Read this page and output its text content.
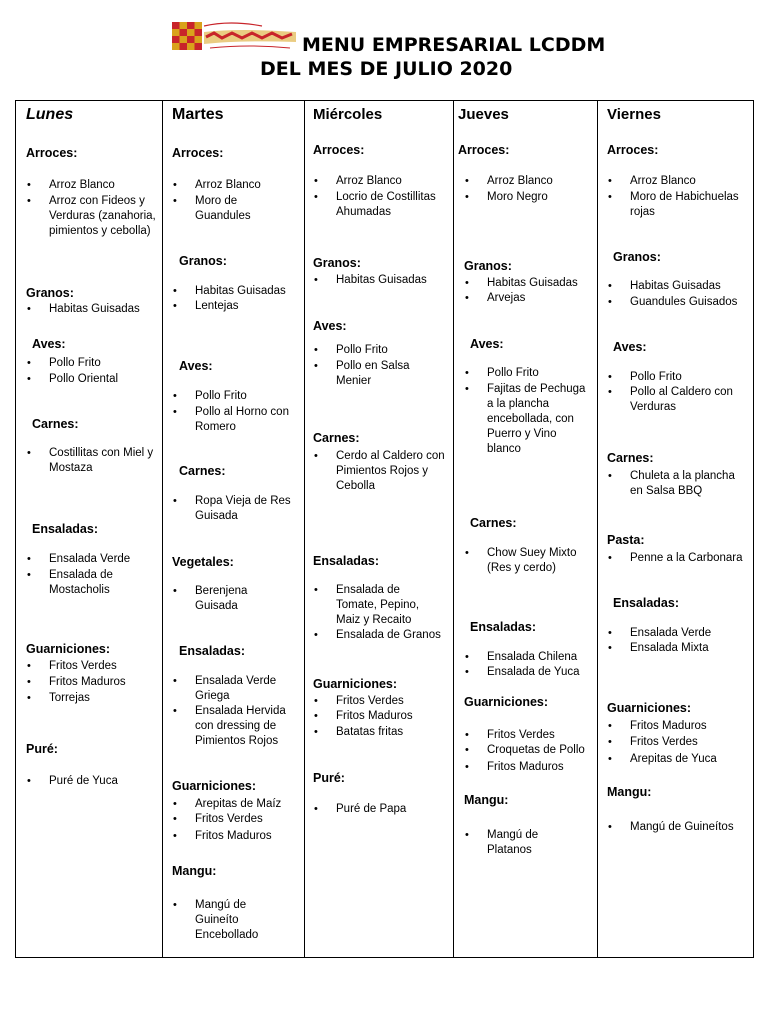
MENU EMPRESARIAL LCDDM
DEL MES DE JULIO 2020
Lunes
Arroces:
• Arroz Blanco
• Arroz con Fideos y Verduras (zanahoria, pimientos y cebolla)
Granos:
• Habitas Guisadas
Aves:
• Pollo Frito
• Pollo Oriental
Carnes:
• Costillitas con Miel y Mostaza
Ensaladas:
• Ensalada Verde
• Ensalada de Mostacholis
Guarniciones:
• Fritos Verdes
• Fritos Maduros
• Torrejas
Puré:
• Puré de Yuca
Martes
Arroces:
• Arroz Blanco
• Moro de Guandules
Granos:
• Habitas Guisadas
• Lentejas
Aves:
• Pollo Frito
• Pollo al Horno con Romero
Carnes:
• Ropa Vieja de Res Guisada
Vegetales:
• Berenjena Guisada
Ensaladas:
• Ensalada Verde Griega
• Ensalada Hervida con dressing de Pimientos Rojos
Guarniciones:
• Arepitas de Maíz
• Fritos Verdes
• Fritos Maduros
Mangu:
• Mangú de Guineíto Encebollado
Miércoles
Arroces:
• Arroz Blanco
• Locrio de Costillitas Ahumadas
Granos:
• Habitas Guisadas
Aves:
• Pollo Frito
• Pollo en Salsa Menier
Carnes:
• Cerdo al Caldero con Pimientos Rojos y Cebolla
Ensaladas:
• Ensalada de Tomate, Pepino, Maiz y Recaito
• Ensalada de Granos
Guarniciones:
• Fritos Verdes
• Fritos Maduros
• Batatas fritas
Puré:
• Puré de Papa
Jueves
Arroces:
• Arroz Blanco
• Moro Negro
Granos:
• Habitas Guisadas
• Arvejas
Aves:
• Pollo Frito
• Fajitas de Pechuga a la plancha encebollada, con Puerro y Vino blanco
Carnes:
• Chow Suey Mixto (Res y cerdo)
Ensaladas:
• Ensalada Chilena
• Ensalada de Yuca
Guarniciones:
• Fritos Verdes
• Croquetas de Pollo
• Fritos Maduros
Mangu:
• Mangú de Platanos
Viernes
Arroces:
• Arroz Blanco
• Moro de Habichuelas rojas
Granos:
• Habitas Guisadas
• Guandules Guisados
Aves:
• Pollo Frito
• Pollo al Caldero con Verduras
Carnes:
• Chuleta a la plancha en Salsa BBQ
Pasta:
• Penne a la Carbonara
Ensaladas:
• Ensalada Verde
• Ensalada Mixta
Guarniciones:
• Fritos Maduros
• Fritos Verdes
• Arepitas de Yuca
Mangu:
• Mangú de Guineítos
